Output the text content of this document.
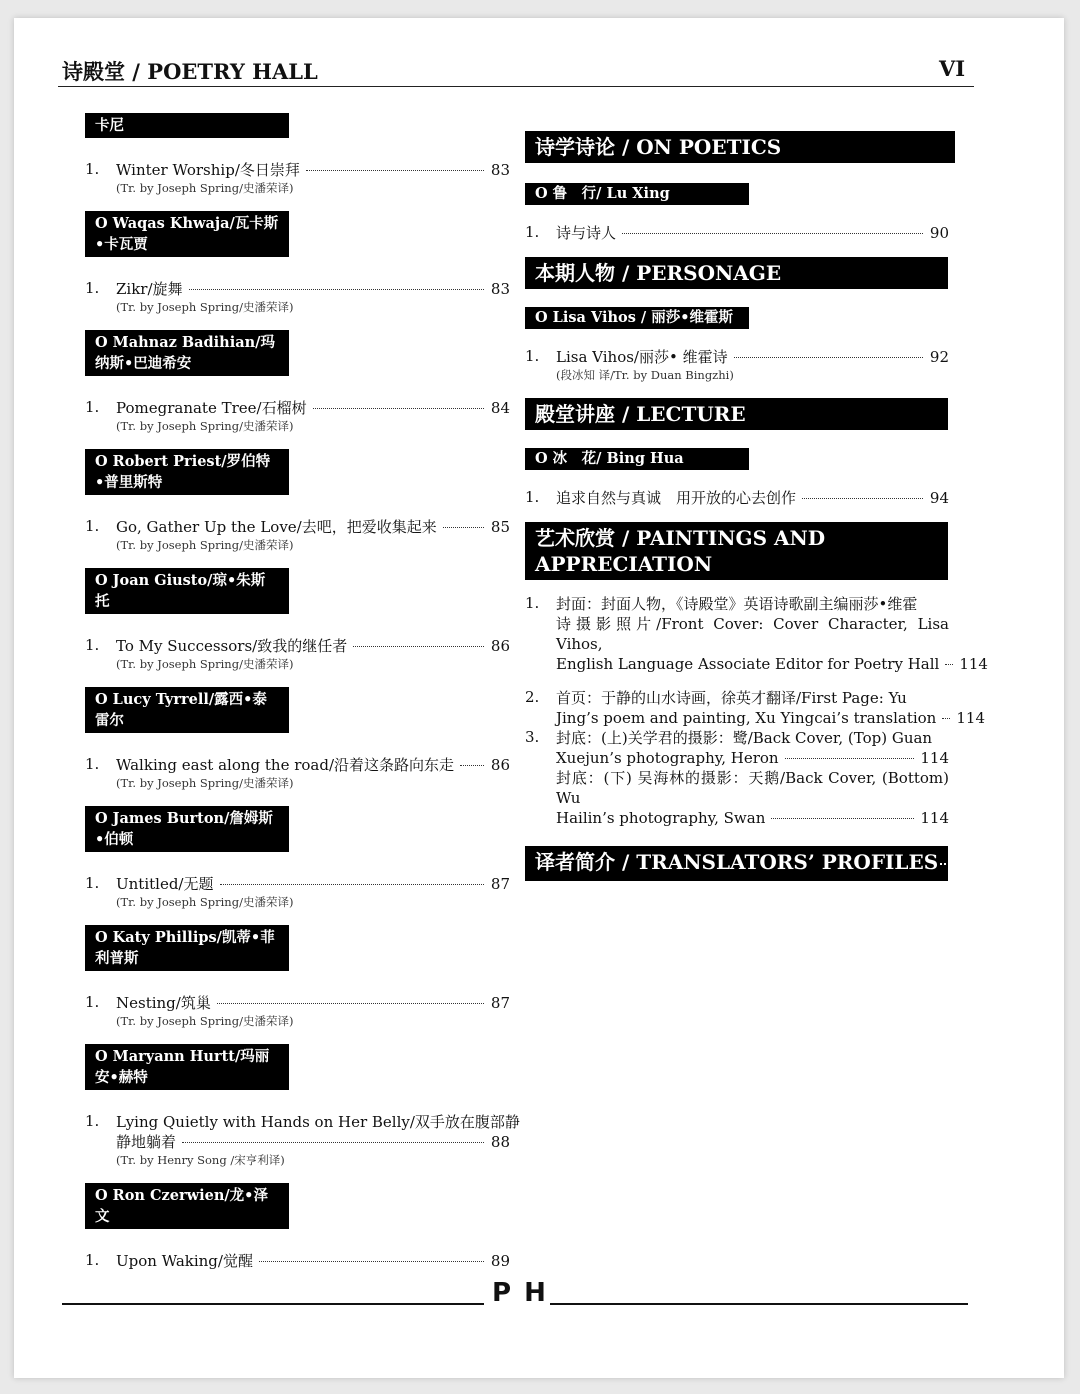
诗殿堂 / POETRY HALL	VI
卡尼
1. Winter Worship/冬日崇拜	83
(Tr. by Joseph Spring/史潘荣译)
O Waqas Khwaja/瓦卡斯•卡瓦贾
1. Zikr/旋舞	83
(Tr. by Joseph Spring/史潘荣译)
O Mahnaz Badihian/玛纳斯•巴迪希安
1. Pomegranate Tree/石榴树	84
(Tr. by Joseph Spring/史潘荣译)
O Robert Priest/罗伯特•普里斯特
1. Go, Gather Up the Love/去吧，把爱收集起来	85
(Tr. by Joseph Spring/史潘荣译)
O Joan Giusto/琼•朱斯托
1. To My Successors/致我的继任者	86
(Tr. by Joseph Spring/史潘荣译)
O Lucy Tyrrell/露西•泰雷尔
1. Walking east along the road/沿着这条路向东走 86
(Tr. by Joseph Spring/史潘荣译)
O James Burton/詹姆斯•伯顿
1. Untitled/无题	87
(Tr. by Joseph Spring/史潘荣译)
O Katy Phillips/凯蒂•菲利普斯
1. Nesting/筑巢	87
(Tr. by Joseph Spring/史潘荣译)
O Maryann Hurtt/玛丽安•赫特
1. Lying Quietly with Hands on Her Belly/双手放在腹部静
静地躺着	88
(Tr. by Henry Song /宋亨利译)
O Ron Czerwien/龙•泽文
1. Upon Waking/觉醒	89
诗学诗论 / ON POETICS
O 鲁　行/ Lu Xing
1. 诗与诗人	90
本期人物 / PERSONAGE
O Lisa Vihos / 丽莎•维霍斯
1. Lisa Vihos/丽莎• 维霍诗	92
(段冰知 译/Tr. by Duan Bingzhi)
殿堂讲座 / LECTURE
O 冰　花/ Bing Hua
1. 追求自然与真诚　用开放的心去创作	94
艺术欣赏 / PAINTINGS AND
APPRECIATION
1. 封面：封面人物，《诗殿堂》英语诗歌副主编丽莎•维霍
诗摄影照片/Front Cover: Cover Character, Lisa Vihos,
English Language Associate Editor for Poetry Hall 114
2. 首页：于静的山水诗画，徐英才翻译/First Page: Yu
Jing’s poem and painting, Xu Yingcai’s translation 114
3. 封底：(上)关学君的摄影：鹭/Back Cover, (Top) Guan
Xuejun’s photography, Heron	114
封底：(下) 吴海林的摄影：天鹅/Back Cover, (Bottom) Wu
Hailin’s photography, Swan	114
译者简介 / TRANSLATORS’ PROFILES 115
P H
